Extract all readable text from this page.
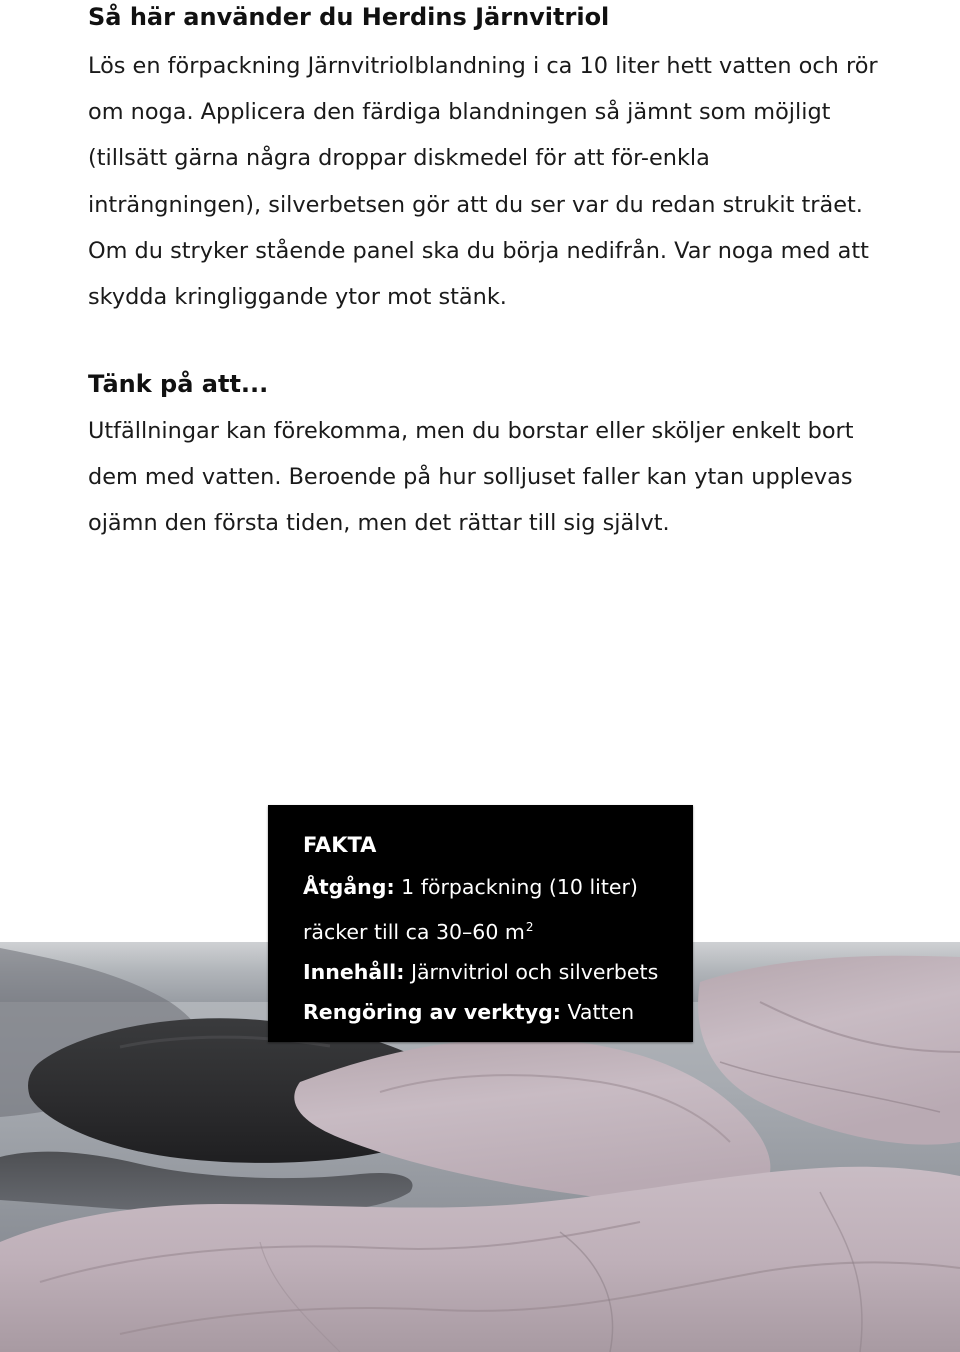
Så här använder du Herdins Järnvitriol

Lös en förpackning Järnvitriolblandning i ca 10 liter hett vatten och rör om noga. Applicera den färdiga blandningen så jämnt som möjligt (tillsätt gärna några droppar diskmedel för att för-enkla inträngningen), silverbetsen gör att du ser var du redan strukit träet. Om du stryker stående panel ska du börja nedifrån. Var noga med att skydda kringliggande ytor mot stänk.

Tänk på att...

Utfällningar kan förekomma, men du borstar eller sköljer enkelt bort dem med vatten. Beroende på hur solljuset faller kan ytan upplevas ojämn den första tiden, men det rättar till sig självt.

FAKTA

Åtgång: 1 förpackning (10 liter)

räcker till ca 30–60 $m^2$

Innehåll: Järnvitriol och silverbets

Rengöring av verktyg: Vatten
